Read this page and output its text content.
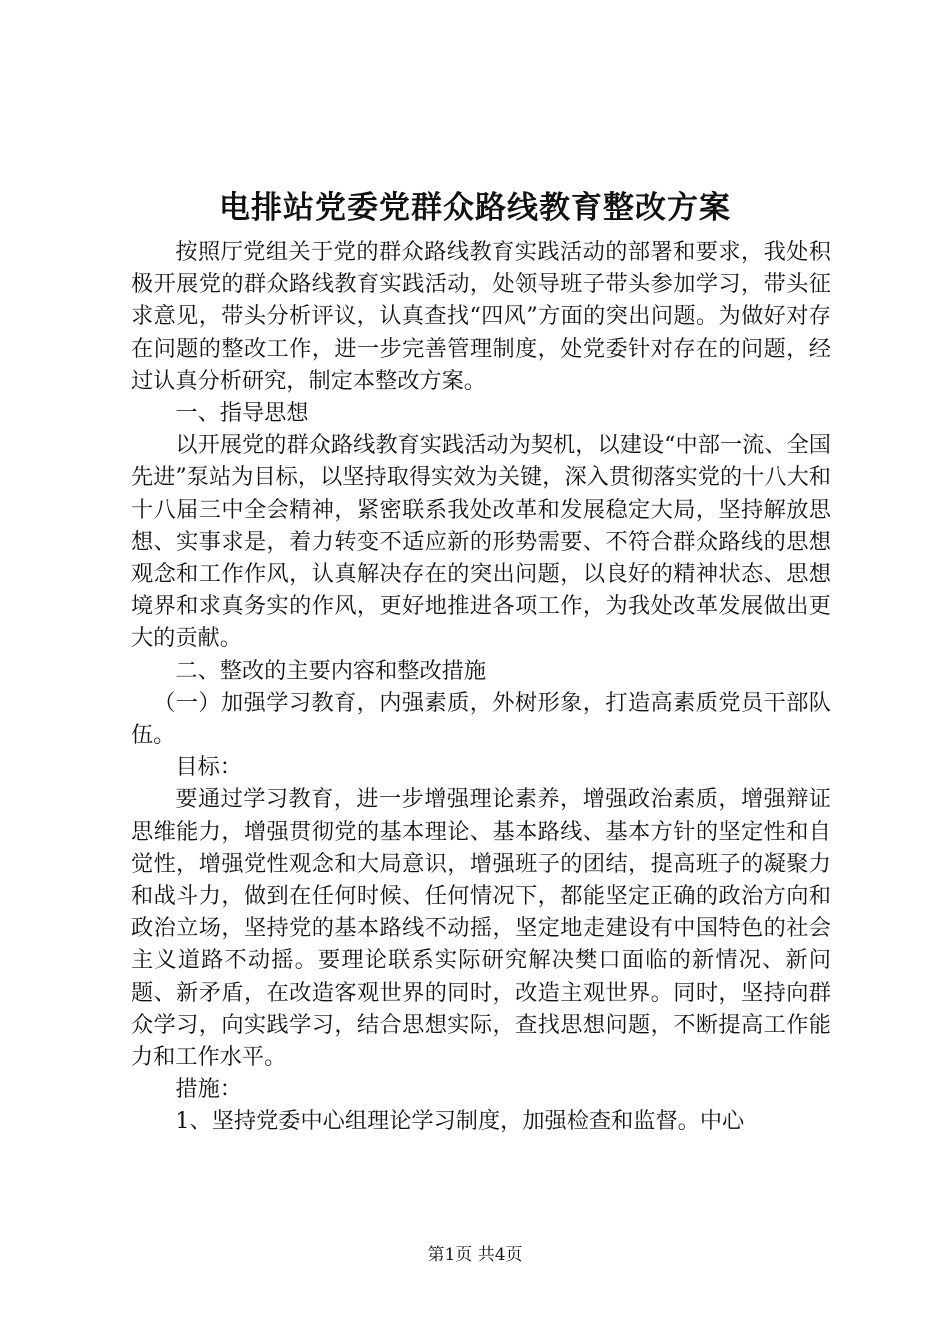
电排站党委党群众路线教育整改方案

按照厅党组关于党的群众路线教育实践活动的部署和要求，我处积极开展党的群众路线教育实践活动，处领导班子带头参加学习，带头征求意见，带头分析评议，认真查找“四风”方面的突出问题。为做好对存在问题的整改工作，进一步完善管理制度，处党委针对存在的问题，经过认真分析研究，制定本整改方案。

一、指导思想

以开展党的群众路线教育实践活动为契机，以建设“中部一流、全国先进”泵站为目标，以坚持取得实效为关键，深入贯彻落实党的十八大和十八届三中全会精神，紧密联系我处改革和发展稳定大局，坚持解放思想、实事求是，着力转变不适应新的形势需要、不符合群众路线的思想观念和工作作风，认真解决存在的突出问题，以良好的精神状态、思想境界和求真务实的作风，更好地推进各项工作，为我处改革发展做出更大的贡献。

二、整改的主要内容和整改措施

（一）加强学习教育，内强素质，外树形象，打造高素质党员干部队伍。

目标：

要通过学习教育，进一步增强理论素养，增强政治素质，增强辩证思维能力，增强贯彻党的基本理论、基本路线、基本方针的坚定性和自觉性，增强党性观念和大局意识，增强班子的团结，提高班子的凝聚力和战斗力，做到在任何时候、任何情况下，都能坚定正确的政治方向和政治立场，坚持党的基本路线不动摇，坚定地走建设有中国特色的社会主义道路不动摇。要理论联系实际研究解决樊口面临的新情况、新问题、新矛盾，在改造客观世界的同时，改造主观世界。同时，坚持向群众学习，向实践学习，结合思想实际，查找思想问题，不断提高工作能力和工作水平。

措施：

1、坚持党委中心组理论学习制度，加强检查和监督。中心

第1页 共4页
